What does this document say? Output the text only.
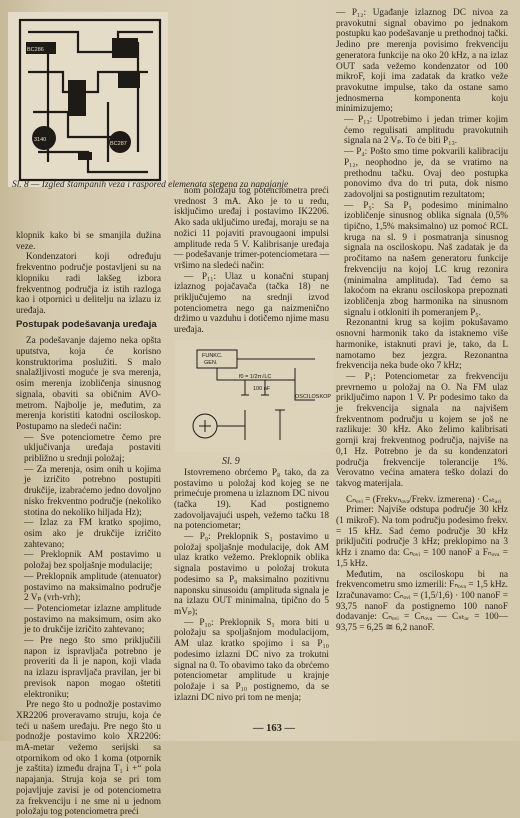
BC286
3140
BC287
Sl. 8 — Izgled štampanih veza i raspored elemenata stepena za napajanje

klopnik kako bi se smanjila dužina veze.

Kondenzatori koji određuju frekventno područje postavljeni su na klopniku radi lakšeg izbora frekventnog područja iz istih razloga kao i otpornici u delitelju na izlazu iz uređaja.

Postupak podešavanja uređaja

Za podešavanje dajemo neka opšta uputstva, koja će korisno konstruktorima poslužiti. S malo snalažljivosti moguće je sva merenja, osim merenja izobličenja sinusnog signala, obaviti sa običnim AVO-metrom. Najbolje je, međutim, za merenja koristiti katodni osciloskop. Postupamo na sledeći način:

— Sve potenciometre čemo pre uključivanja uređaja postaviti približno u srednji položaj;

— Za merenja, osim onih u kojima je izričito potrebno postupiti drukčije, izabraćemo jedno dovoljno nisko frekventno područje (nekoliko stotina do nekoliko hiljada Hz);

— Izlaz za FM kratko spojimo, osim ako je drukčije izričito zahtevano;

— Preklopnik AM postavimo u položaj bez spoljašnje modulacije;

— Preklopnik amplitude (atenuator) postavimo na maksimalno područje 2 Vₚ (vrh-vrh);

— Potenciometar izlazne amplitude postavimo na maksimum, osim ako je to drukčije izričito zahtevano;

— Pre nego što smo priključili napon iz ispravljača potrebno je proveriti da li je napon, koji vlada na izlazu ispravljača pravilan, jer bi previsok napon mogao oštetiti elektroniku;

Pre nego što u podnožje postavimo XR2206 proveravamo struju, koja će teći u našem uređaju. Pre nego što u podnožje postavimo kolo XR2206: mA-metar vežemo serijski sa otpornikom od oko 1 koma (otpornik je zaštita) između drajna T₁ i +“ pola napajanja. Struja koja se pri tom pojavljuje zavisi je od potenciometra za frekvenciju i ne sme ni u jednom položaju tog potenciometra preći

nom položaju tog potenciometra preći vrednost 3 mA. Ako je to u redu, isključimo uređaj i postavimo IK2206. Ako sada uključimo uređaj, moraju se na nožici 11 pojaviti pravougaoni impulsi amplitude reda 5 V. Kalibrisanje uređaja — podešavanje trimer-potenciometara — vršimo na sledeći način:

— P₁₁: Ulaz u konačni stupanj izlaznog pojačavača (tačka 18) ne priključujemo na srednji izvod potenciometra nego ga naizmenično držimo u vazduhu i dotičemo njime masu uređaja.

Istovremeno obrćemo P₈ tako, da za postavimo u položaj kod kojeg se ne primećuje promena u izlaznom DC nivou (tačka 19). Kad postignemo zadovoljavajući uspeh, vežemo tačku 18 na potenciometar;

— P₉: Preklopnik S₁ postavimo u položaj spoljašnje modulacije, dok AM ulaz kratko vežemo. Preklopnik oblika signala postavimo u položaj trokuta podesimo sa P₉ maksimalno pozitivnu naponsku sinusoidu (amplituda signala je na izlazu OUT minimalna, tipično do 5 mVₚ);

— P₁₀: Preklopnik S₁ mora biti u položaju sa spoljašnjom modulacijom, AM ulaz kratko spojimo i sa P₁₀ podesimo izlazni DC nivo za trokutni signal na 0. To obavimo tako da obrćemo potenciometar amplitude u krajnje položaje i sa P₁₀ postignemo, da se izlazni DC nivo pri tom ne menja;

FUNKC.
GEN.
f0 = 1/2π√LC
100 nF
OSCILOSKOP
Sl. 9

— P₁₂: Ugađanje izlaznog DC nivoa za pravokutni signal obavimo po jednakom postupku kao podešavanje u prethodnoj tački. Jedino pre merenja povisimo frekvenciju generatora funkcije na oko 20 kHz, a na izlaz OUT sada vežemo kondenzator od 100 mikroF, koji ima zadatak da kratko veže pravokutne impulse, tako da ostane samo jednosmerna komponenta koju minimizujemo;

— P₁₃: Upotrebimo i jedan trimer kojim ćemo regulisati amplitudu pravokutnih signala na 2 Vₚ. To će biti P₁₃.

— P₄: Pošto smo time pokvarili kalibraciju P₁₂, neophodno je, da se vratimo na prethodnu tačku. Ovaj deo postupka ponovimo dva do tri puta, dok nismo zadovoljni sa postignutim rezultatom;

— P₅: Sa P₅ podesimo minimalno izobličenje sinusnog oblika signala (0,5% tipično, 1,5% maksimalno) uz pomoć RCL kruga na sl. 9 i posmatranja sinusnog signala na osciloskopu. Naš zadatak je da pročitamo na našem generatoru funkcije frekvenciju na kojoj LC krug rezonira (minimalna amplituda). Tad ćemo sa lakoćom na ekranu osciloskopa prepoznati izobličenja zbog harmonika na sinusnom signalu i otkloniti ih pomeranjem P₅.

Rezonantni krug sa kojim pokušavamo osnovni harmonik tako da istaknemo više harmonike, istaknuti pravi je, tako, da L namotamo bez jezgra. Rezonantna frekvencija neka bude oko 7 kHz;

— P₁: Potenciometar za frekvenciju prevrnemo u položaj na O. Na FM ulaz priključimo napon 1 V. Pr podesimo tako da je frekvencija signala na najvišem frekventnom području u kojem se još ne razlikuje: 30 kHz. Ako želimo kalibrisati gornji kraj frekventnog područja, najviše na 0,1 Hz. Potrebno je da su kondenzatori područja frekvencije tolerancije 1%. Verovatno većina amatera teško dolazi do takvog materijala.

Cₙₒᵥᵢ = (Frekvₙₒᵥₐ/Frekv. izmerena) · Cₛₜₐᵣᵢ

Primer: Najviše odstupa područje 30 kHz (1 mikroF). Na tom području podesimo frekv. = 15 kHz. Sad ćemo područje 30 kHz priključiti područje 3 kHz; preklopimo na 3 kHz i znamo da: Cₙₒᵥᵢ = 100 nanoF a Fₙₒᵥₐ = 1,5 kHz.

Međutim, na osciloskopu bi na frekvencometru smo izmerili: Fₙₒᵥₐ = 1,5 kHz. Izračunavamo: Cₙₒᵥᵢ = (1,5/1,6) · 100 nanoF = 93,75 nanoF da postignemo 100 nanoF dodavanje: Cₙₒᵥᵢ = Cₙₒᵥₐ — Cₛₜₐᵣ = 100—93,75 = 6,25 ≅ 6,2 nanoF.

— 163 —
